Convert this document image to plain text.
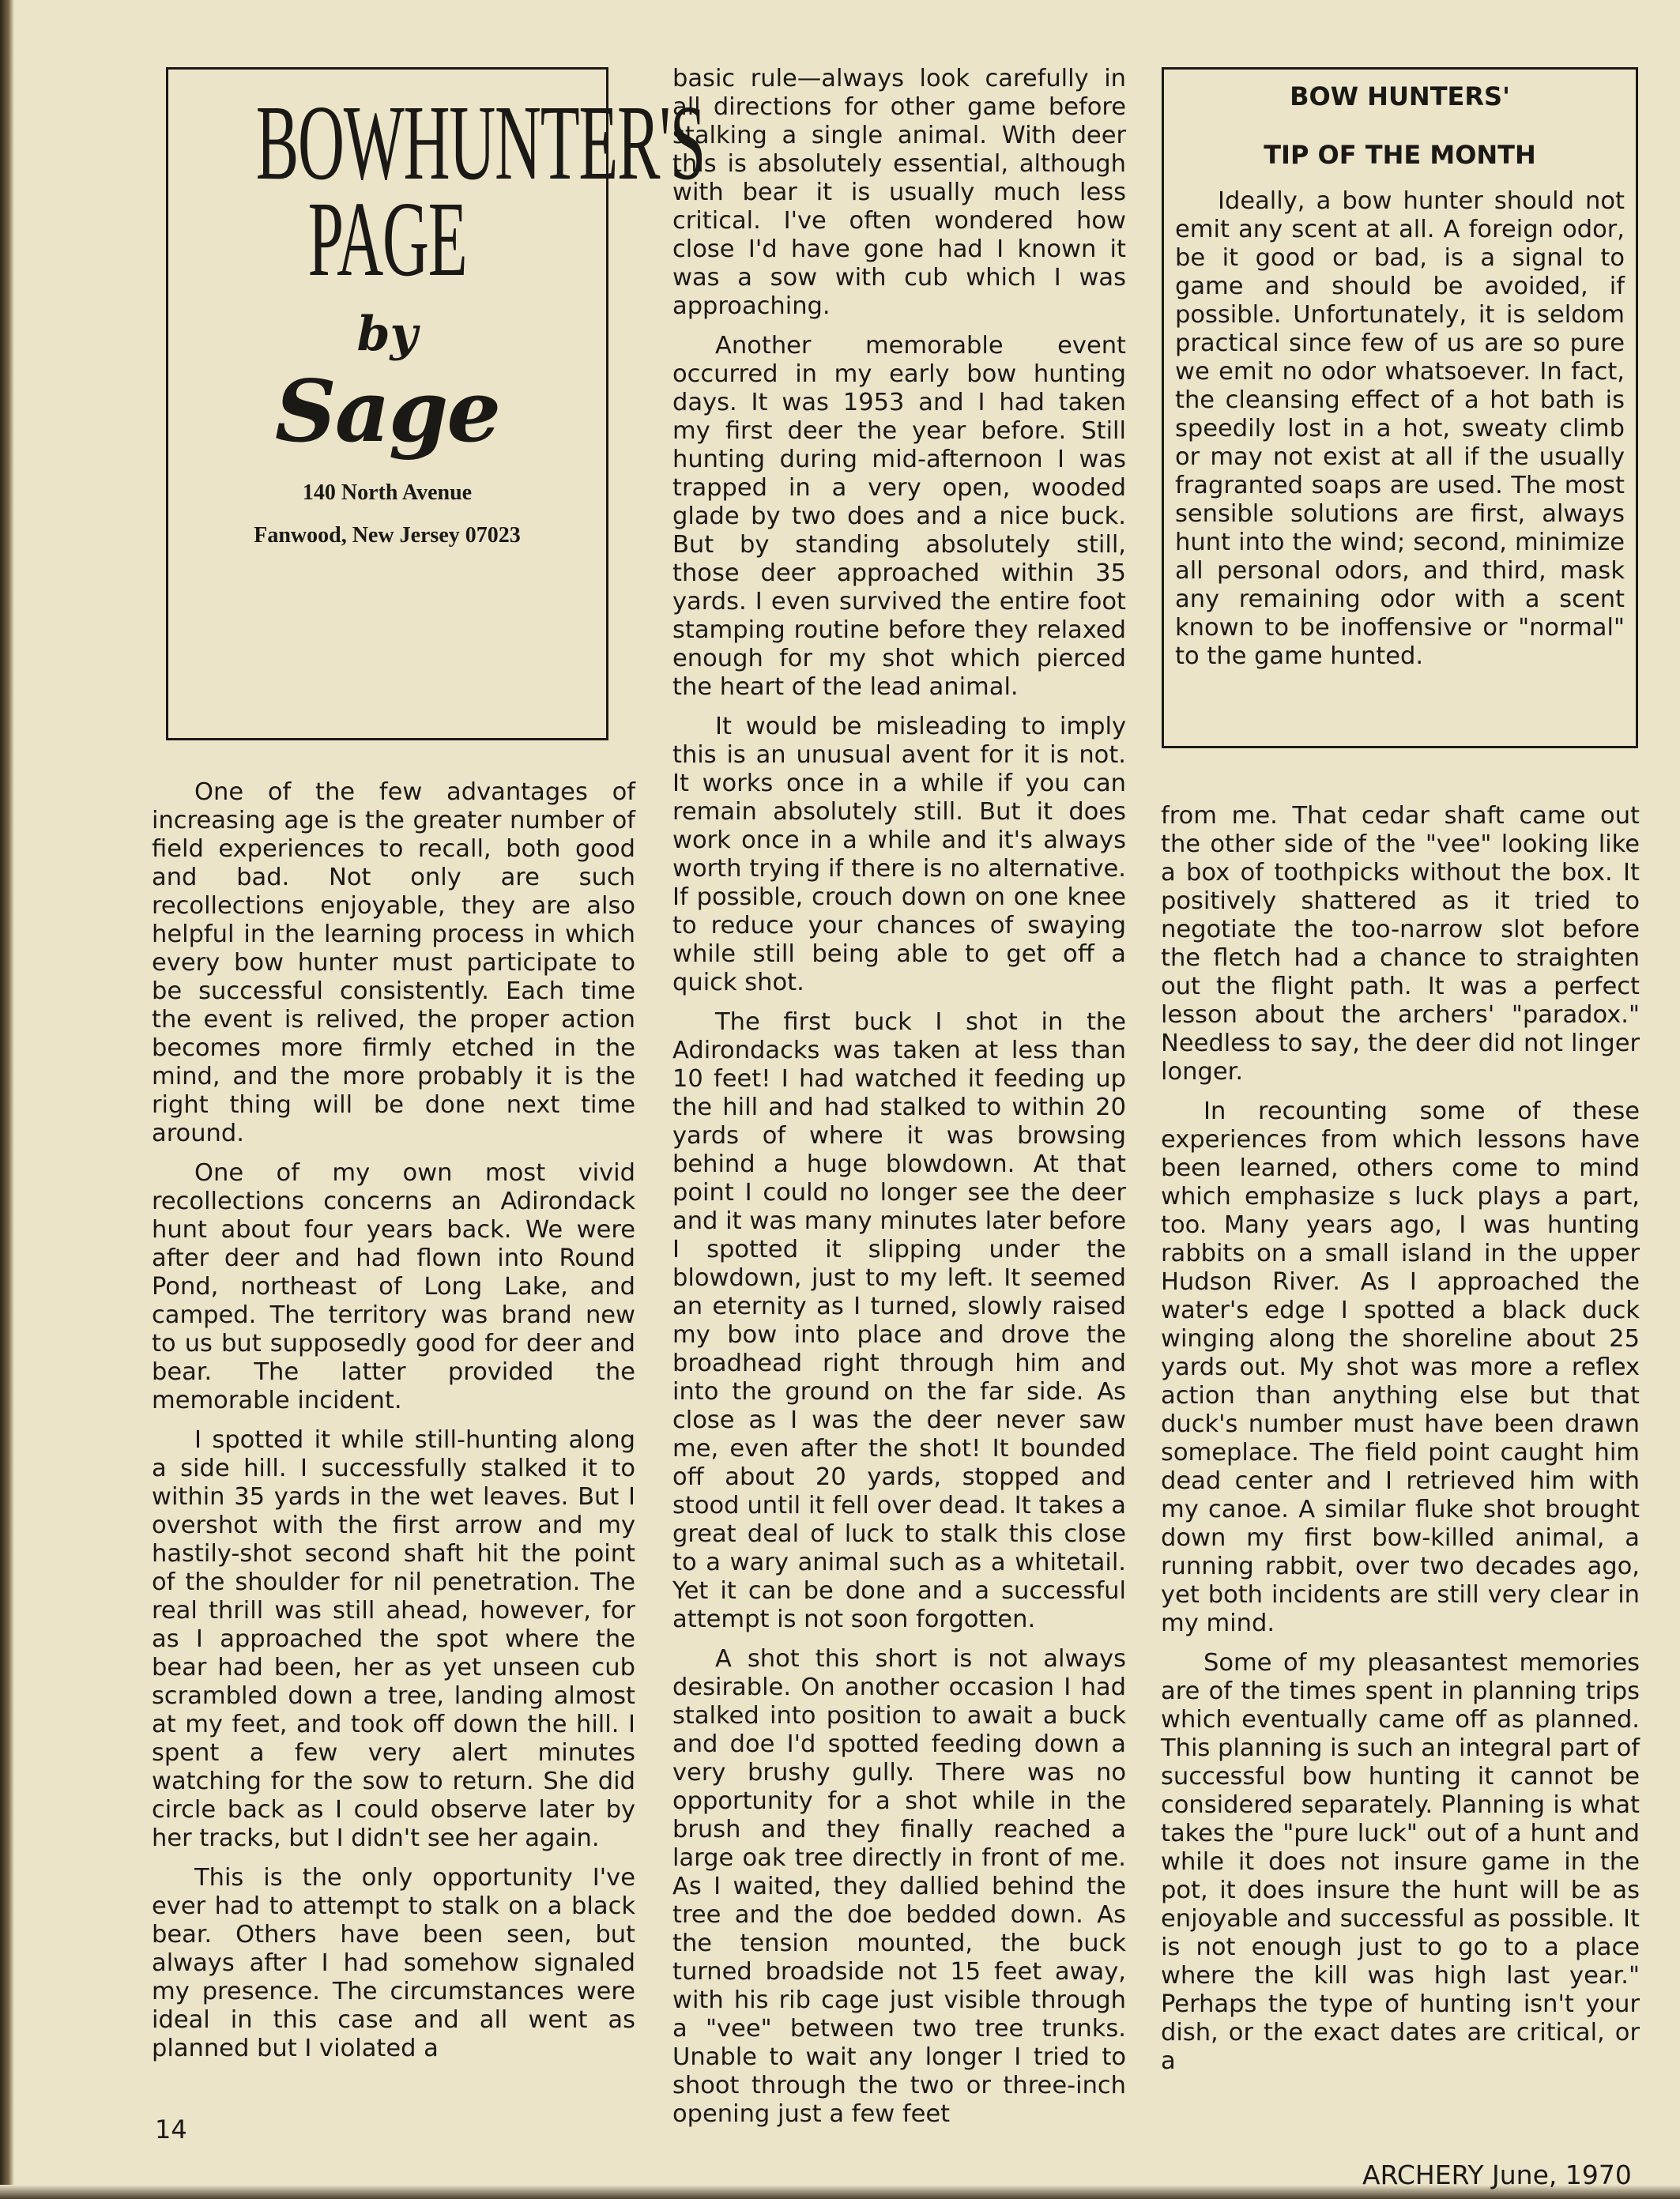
BOWHUNTER'S
PAGE
by
Sage
140 North Avenue
Fanwood, New Jersey 07023
BOW HUNTERS'
TIP OF THE MONTH

Ideally, a bow hunter should not emit any scent at all. A foreign odor, be it good or bad, is a signal to game and should be avoided, if possible. Unfortunately, it is seldom practical since few of us are so pure we emit no odor whatsoever. In fact, the cleansing effect of a hot bath is speedily lost in a hot, sweaty climb or may not exist at all if the usually fragranted soaps are used. The most sensible solutions are first, always hunt into the wind; second, minimize all personal odors, and third, mask any remaining odor with a scent known to be inoffensive or "normal" to the game hunted.

One of the few advantages of increasing age is the greater number of field experiences to recall, both good and bad. Not only are such recollections enjoyable, they are also helpful in the learning process in which every bow hunter must participate to be successful consistently. Each time the event is relived, the proper action becomes more firmly etched in the mind, and the more probably it is the right thing will be done next time around.

One of my own most vivid recollections concerns an Adirondack hunt about four years back. We were after deer and had flown into Round Pond, northeast of Long Lake, and camped. The territory was brand new to us but supposedly good for deer and bear. The latter provided the memorable incident.

I spotted it while still-hunting along a side hill. I successfully stalked it to within 35 yards in the wet leaves. But I overshot with the first arrow and my hastily-shot second shaft hit the point of the shoulder for nil penetration. The real thrill was still ahead, however, for as I approached the spot where the bear had been, her as yet unseen cub scrambled down a tree, landing almost at my feet, and took off down the hill. I spent a few very alert minutes watching for the sow to return. She did circle back as I could observe later by her tracks, but I didn't see her again.

This is the only opportunity I've ever had to attempt to stalk on a black bear. Others have been seen, but always after I had somehow signaled my presence. The circumstances were ideal in this case and all went as planned but I violated a

basic rule—always look carefully in all directions for other game before stalking a single animal. With deer this is absolutely essential, although with bear it is usually much less critical. I've often wondered how close I'd have gone had I known it was a sow with cub which I was approaching.

Another memorable event occurred in my early bow hunting days. It was 1953 and I had taken my first deer the year before. Still hunting during mid-afternoon I was trapped in a very open, wooded glade by two does and a nice buck. But by standing absolutely still, those deer approached within 35 yards. I even survived the entire foot stamping routine before they relaxed enough for my shot which pierced the heart of the lead animal.

It would be misleading to imply this is an unusual avent for it is not. It works once in a while if you can remain absolutely still. But it does work once in a while and it's always worth trying if there is no alternative. If possible, crouch down on one knee to reduce your chances of swaying while still being able to get off a quick shot.

The first buck I shot in the Adirondacks was taken at less than 10 feet! I had watched it feeding up the hill and had stalked to within 20 yards of where it was browsing behind a huge blowdown. At that point I could no longer see the deer and it was many minutes later before I spotted it slipping under the blowdown, just to my left. It seemed an eternity as I turned, slowly raised my bow into place and drove the broadhead right through him and into the ground on the far side. As close as I was the deer never saw me, even after the shot! It bounded off about 20 yards, stopped and stood until it fell over dead. It takes a great deal of luck to stalk this close to a wary animal such as a whitetail. Yet it can be done and a successful attempt is not soon forgotten.

A shot this short is not always desirable. On another occasion I had stalked into position to await a buck and doe I'd spotted feeding down a very brushy gully. There was no opportunity for a shot while in the brush and they finally reached a large oak tree directly in front of me. As I waited, they dallied behind the tree and the doe bedded down. As the tension mounted, the buck turned broadside not 15 feet away, with his rib cage just visible through a "vee" between two tree trunks. Unable to wait any longer I tried to shoot through the two or three-inch opening just a few feet

from me. That cedar shaft came out the other side of the "vee" looking like a box of toothpicks without the box. It positively shattered as it tried to negotiate the too-narrow slot before the fletch had a chance to straighten out the flight path. It was a perfect lesson about the archers' "paradox." Needless to say, the deer did not linger longer.

In recounting some of these experiences from which lessons have been learned, others come to mind which emphasize s luck plays a part, too. Many years ago, I was hunting rabbits on a small island in the upper Hudson River. As I approached the water's edge I spotted a black duck winging along the shoreline about 25 yards out. My shot was more a reflex action than anything else but that duck's number must have been drawn someplace. The field point caught him dead center and I retrieved him with my canoe. A similar fluke shot brought down my first bow-killed animal, a running rabbit, over two decades ago, yet both incidents are still very clear in my mind.

Some of my pleasantest memories are of the times spent in planning trips which eventually came off as planned. This planning is such an integral part of successful bow hunting it cannot be considered separately. Planning is what takes the "pure luck" out of a hunt and while it does not insure game in the pot, it does insure the hunt will be as enjoyable and successful as possible. It is not enough just to go to a place where the kill was high last year." Perhaps the type of hunting isn't your dish, or the exact dates are critical, or a

14
ARCHERY June, 1970
